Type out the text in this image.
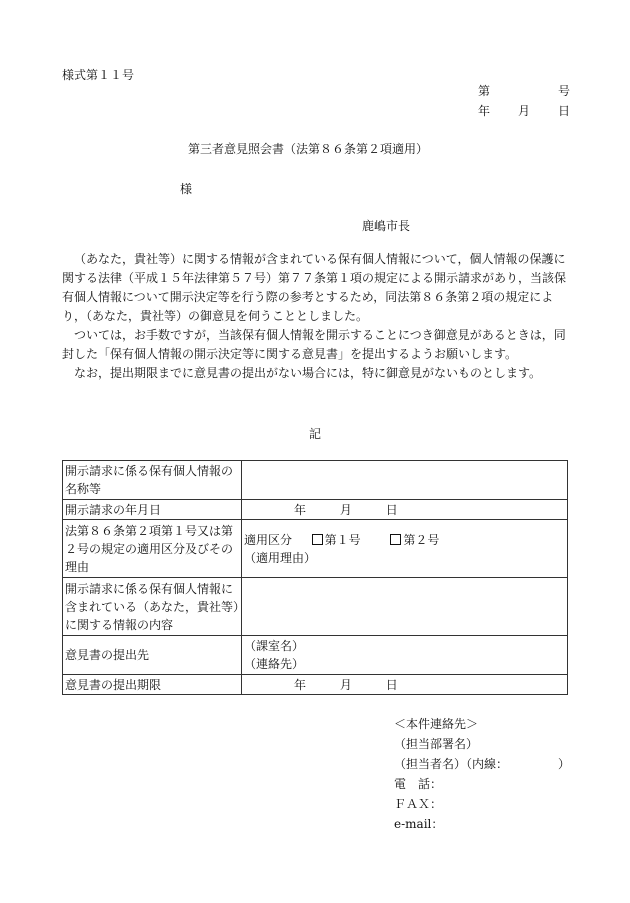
様式第１１号
第	号
年 月 日
第三者意見照会書（法第８６条第２項適用）
様
鹿嶋市長

（あなた，貴社等）に関する情報が含まれている保有個人情報について，個人情報の保護に関する法律（平成１５年法律第５７号）第７７条第１項の規定による開示請求があり，当該保有個人情報について開示決定等を行う際の参考とするため，同法第８６条第２項の規定により，（あなた，貴社等）の御意見を伺うこととしました。

ついては，お手数ですが，当該保有個人情報を開示することにつき御意見があるときは，同封した「保有個人情報の開示決定等に関する意見書」を提出するようお願いします。

なお，提出期限までに意見書の提出がない場合には，特に御意見がないものとします。

記
開示請求に係る保有個人情報の名称等	
開示請求の年月日	年 月 日
法第８６条第２項第１号又は第２号の規定の適用区分及びその理由	適用区分 第１号 第２号
（適用理由）

開示請求に係る保有個人情報に含まれている（あなた，貴社等）に関する情報の内容	
意見書の提出先	（課室名）
（連絡先）

意見書の提出期限	年 月 日
＜本件連絡先＞
（担当部署名）
（担当者名）（内線：	）
電　話：
ＦＡＸ：
e-mail：
